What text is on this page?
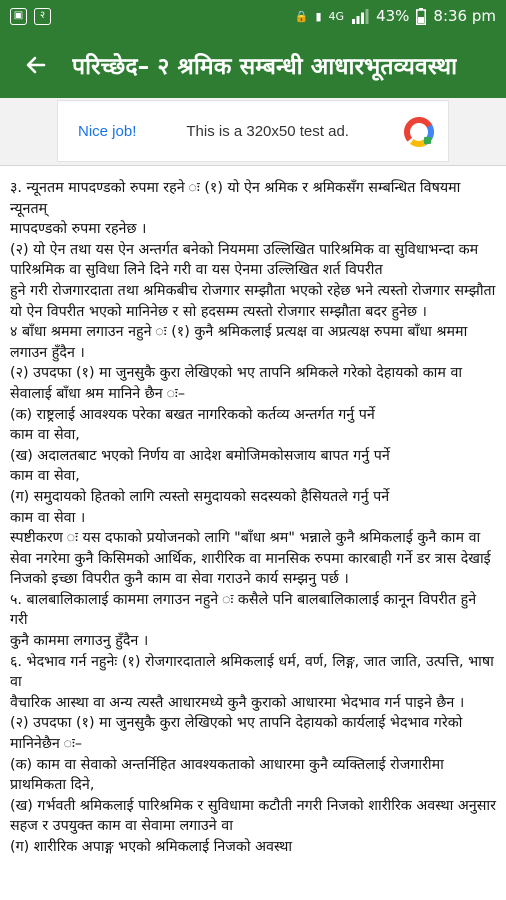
▣	२	🔒 ▮ 4G 43% 8:36 pm
परिच्छेद– २ श्रमिक सम्बन्धी आधारभूतव्यवस्था
Nice job!	This is a 320x50 test ad.
३. न्यूनतम मापदण्डको रुपमा रहने ः (१) यो ऐन श्रमिक र श्रमिकसँग सम्बन्धित विषयमा न्यूनतम्
मापदण्डको रुपमा रहनेछ ।
(२) यो ऐन तथा यस ऐन अन्तर्गत बनेको नियममा उल्लिखित पारिश्रमिक वा सुविधाभन्दा कम पारिश्रमिक वा सुविधा लिने दिने गरी वा यस ऐनमा उल्लिखित शर्त विपरीत
हुने गरी रोजगारदाता तथा श्रमिकबीच रोजगार सम्झौता भएको रहेछ भने त्यस्तो रोजगार सम्झौता यो ऐन विपरीत भएको मानिनेछ र सो हदसम्म त्यस्तो रोजगार सम्झौता बदर हुनेछ ।
४ बाँधा श्रममा लगाउन नहुने ः (१) कुनै श्रमिकलाई प्रत्यक्ष वा अप्रत्यक्ष रुपमा बाँधा श्रममा
लगाउन हुँदैन ।
(२) उपदफा (१) मा जुनसुकै कुरा लेखिएको भए तापनि श्रमिकले गरेको देहायको काम वा सेवालाई बाँधा श्रम मानिने छैन ः–
(क) राष्ट्रलाई आवश्यक परेका बखत नागरिकको कर्तव्य अन्तर्गत गर्नु पर्ने
काम वा सेवा,
(ख) अदालतबाट भएको निर्णय वा आदेश बमोजिमकोसजाय बापत गर्नु पर्ने
काम वा सेवा,
(ग) समुदायको हितको लागि त्यस्तो समुदायको सदस्यको हैसियतले गर्नु पर्ने
काम वा सेवा ।
स्पष्टीकरण ः यस दफाको प्रयोजनको लागि "बाँधा श्रम" भन्नाले कुनै श्रमिकलाई कुनै काम वा
सेवा नगरेमा कुनै किसिमको आर्थिक, शारीरिक वा मानसिक रुपमा कारबाही गर्ने डर त्रास देखाई
निजको इच्छा विपरीत कुनै काम वा सेवा गराउने कार्य सम्झनु पर्छ ।
५. बालबालिकालाई काममा लगाउन नहुने ः कसैले पनि बालबालिकालाई कानून विपरीत हुने गरी
कुनै काममा लगाउनु हुँदैन ।
६. भेदभाव गर्न नहुनेः (१) रोजगारदाताले श्रमिकलाई धर्म, वर्ण, लिङ्ग, जात जाति, उत्पत्ति, भाषा वा
वैचारिक आस्था वा अन्य त्यस्तै आधारमध्ये कुनै कुराको आधारमा भेदभाव गर्न पाइने छैन ।
(२) उपदफा (१) मा जुनसुकै कुरा लेखिएको भए तापनि देहायको कार्यलाई भेदभाव गरेको मानिनेछैन ः–
(क) काम वा सेवाको अन्तर्निहित आवश्यकताको आधारमा कुनै व्यक्तिलाई रोजगारीमा प्राथमिकता दिने,
(ख) गर्भवती श्रमिकलाई पारिश्रमिक र सुविधामा कटौती नगरी निजको शारीरिक अवस्था अनुसार सहज र उपयुक्त काम वा सेवामा लगाउने वा
(ग) शारीरिक अपाङ्ग भएको श्रमिकलाई निजको अवस्था
